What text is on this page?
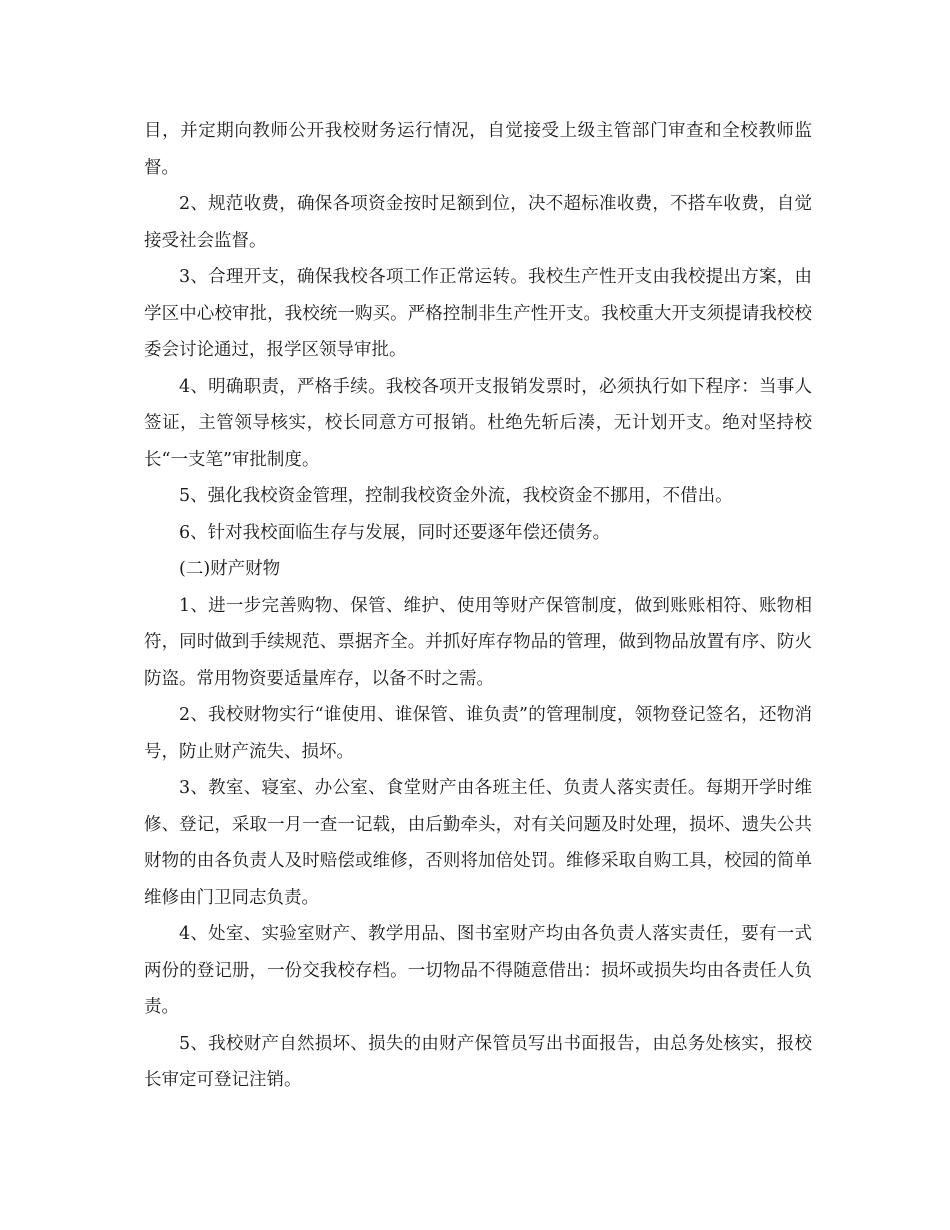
目，并定期向教师公开我校财务运行情况，自觉接受上级主管部门审查和全校教师监督。

2、规范收费，确保各项资金按时足额到位，决不超标准收费，不搭车收费，自觉接受社会监督。

3、合理开支，确保我校各项工作正常运转。我校生产性开支由我校提出方案，由学区中心校审批，我校统一购买。严格控制非生产性开支。我校重大开支须提请我校校委会讨论通过，报学区领导审批。

4、明确职责，严格手续。我校各项开支报销发票时，必须执行如下程序：当事人签证，主管领导核实，校长同意方可报销。杜绝先斩后湊，无计划开支。绝对坚持校长“一支笔”审批制度。

5、强化我校资金管理，控制我校资金外流，我校资金不挪用，不借出。

6、针对我校面临生存与发展，同时还要逐年偿还债务。

(二)财产财物

1、进一步完善购物、保管、维护、使用等财产保管制度，做到账账相符、账物相符，同时做到手续规范、票据齐全。并抓好库存物品的管理，做到物品放置有序、防火防盗。常用物资要适量库存，以备不时之需。

2、我校财物实行“谁使用、谁保管、谁负责”的管理制度，领物登记签名，还物消号，防止财产流失、损坏。

3、教室、寝室、办公室、食堂财产由各班主任、负责人落实责任。每期开学时维修、登记，采取一月一查一记载，由后勤牵头，对有关问题及时处理，损坏、遗失公共财物的由各负责人及时赔偿或维修，否则将加倍处罚。维修采取自购工具，校园的简单维修由门卫同志负责。

4、处室、实验室财产、教学用品、图书室财产均由各负责人落实责任，要有一式两份的登记册，一份交我校存档。一切物品不得随意借出：损坏或损失均由各责任人负责。

5、我校财产自然损坏、损失的由财产保管员写出书面报告，由总务处核实，报校长审定可登记注销。
